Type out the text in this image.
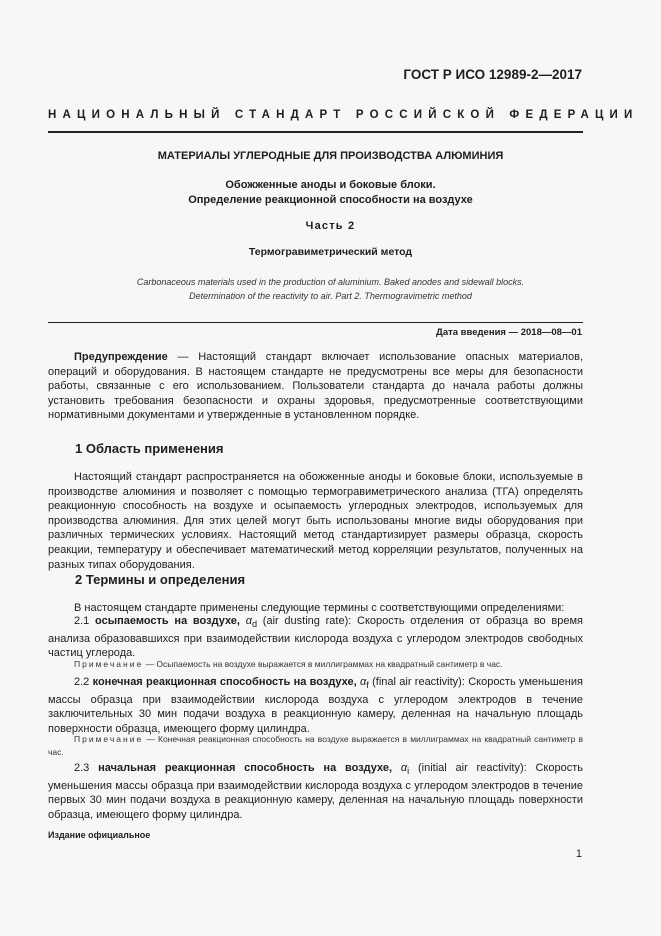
ГОСТ Р ИСО 12989-2—2017
НАЦИОНАЛЬНЫЙ СТАНДАРТ РОССИЙСКОЙ ФЕДЕРАЦИИ
МАТЕРИАЛЫ УГЛЕРОДНЫЕ ДЛЯ ПРОИЗВОДСТВА АЛЮМИНИЯ
Обожженные аноды и боковые блоки.
Определение реакционной способности на воздухе
Часть 2
Термогравиметрический метод
Carbonaceous materials used in the production of aluminium. Baked anodes and sidewall blocks.
Determination of the reactivity to air. Part 2. Thermogravimetric method
Дата введения — 2018—08—01
Предупреждение — Настоящий стандарт включает использование опасных материалов, операций и оборудования. В настоящем стандарте не предусмотрены все меры для безопасности работы, связанные с его использованием. Пользователи стандарта до начала работы должны установить требования безопасности и охраны здоровья, предусмотренные соответствующими нормативными документами и утвержденные в установленном порядке.
1 Область применения
Настоящий стандарт распространяется на обожженные аноды и боковые блоки, используемые в производстве алюминия и позволяет с помощью термогравиметрического анализа (ТГА) определять реакционную способность на воздухе и осыпаемость углеродных электродов, используемых для производства алюминия. Для этих целей могут быть использованы многие виды оборудования при различных термических условиях. Настоящий метод стандартизирует размеры образца, скорость реакции, температуру и обеспечивает математический метод корреляции результатов, полученных на разных типах оборудования.
2 Термины и определения
В настоящем стандарте применены следующие термины с соответствующими определениями:
2.1 осыпаемость на воздухе, $\alpha_d$ (air dusting rate): Скорость отделения от образца во время анализа образовавшихся при взаимодействии кислорода воздуха с углеродом электродов свободных частиц углерода.
Примечание — Осыпаемость на воздухе выражается в миллиграммах на квадратный сантиметр в час.
2.2 конечная реакционная способность на воздухе, $\alpha_f$ (final air reactivity): Скорость уменьшения массы образца при взаимодействии кислорода воздуха с углеродом электродов в течение заключительных 30 мин подачи воздуха в реакционную камеру, деленная на начальную площадь поверхности образца, имеющего форму цилиндра.
Примечание — Конечная реакционная способность на воздухе выражается в миллиграммах на квадратный сантиметр в час.
2.3 начальная реакционная способность на воздухе, $\alpha_i$ (initial air reactivity): Скорость уменьшения массы образца при взаимодействии кислорода воздуха с углеродом электродов в течение первых 30 мин подачи воздуха в реакционную камеру, деленная на начальную площадь поверхности образца, имеющего форму цилиндра.
Издание официальное
1
